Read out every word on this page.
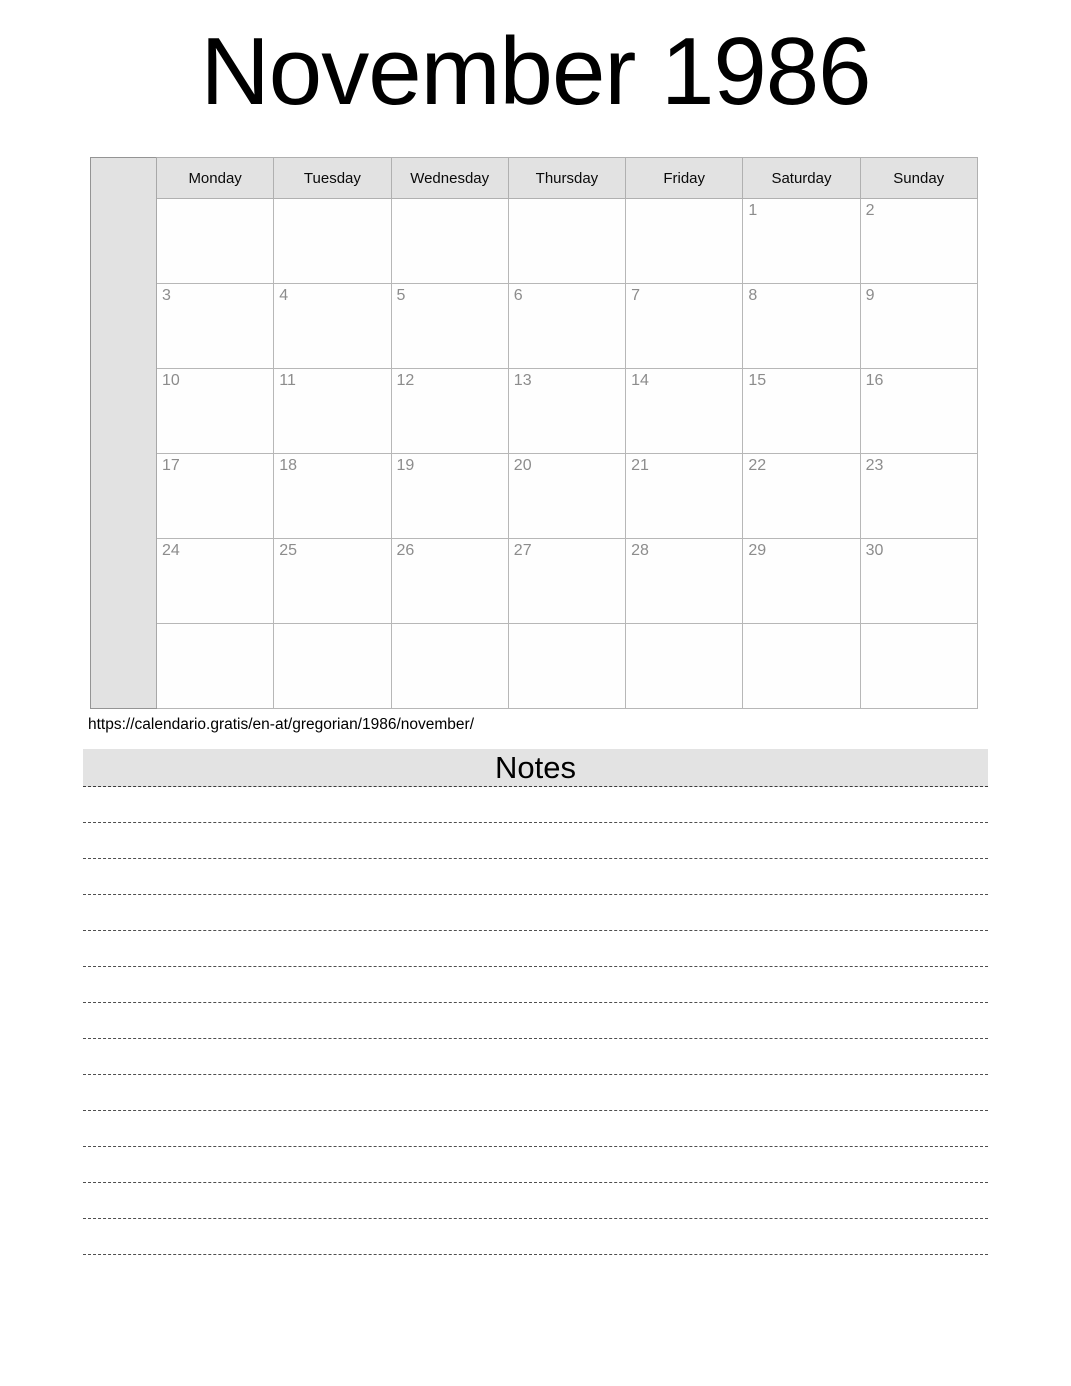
November 1986
	Monday	Tuesday	Wednesday	Thursday	Friday	Saturday	Sunday
						1	2
	3	4	5	6	7	8	9
	10	11	12	13	14	15	16
	17	18	19	20	21	22	23
	24	25	26	27	28	29	30

https://calendario.gratis/en-at/gregorian/1986/november/
Notes
